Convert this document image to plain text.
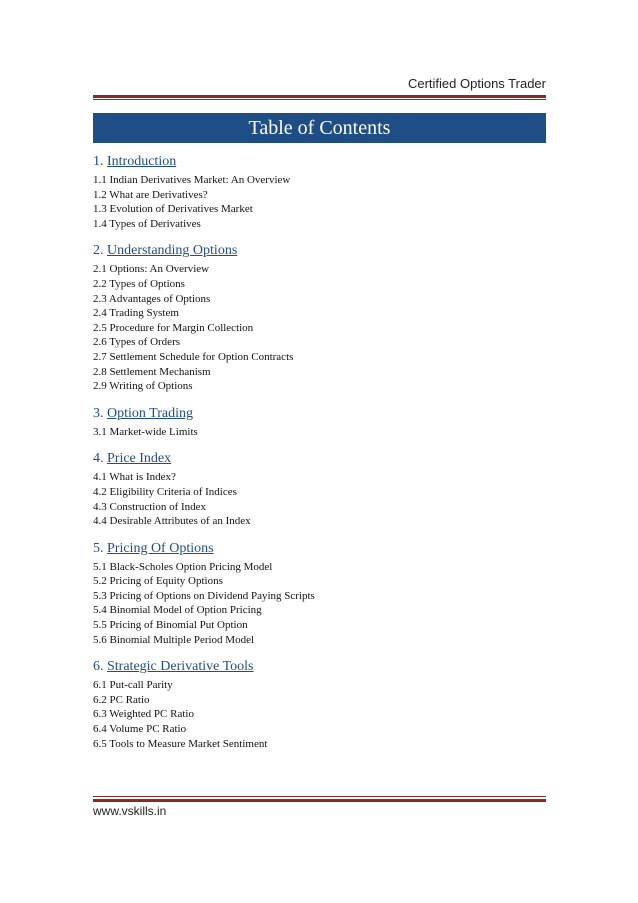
Certified Options Trader
Table of Contents
1. Introduction
1.1 Indian Derivatives Market: An Overview
1.2 What are Derivatives?
1.3 Evolution of Derivatives Market
1.4 Types of Derivatives
2. Understanding Options
2.1 Options: An Overview
2.2 Types of Options
2.3 Advantages of Options
2.4 Trading System
2.5 Procedure for Margin Collection
2.6 Types of Orders
2.7 Settlement Schedule for Option Contracts
2.8 Settlement Mechanism
2.9 Writing of Options
3. Option Trading
3.1 Market-wide Limits
4. Price Index
4.1 What is Index?
4.2 Eligibility Criteria of Indices
4.3 Construction of Index
4.4 Desirable Attributes of an Index
5. Pricing Of Options
5.1 Black-Scholes Option Pricing Model
5.2 Pricing of Equity Options
5.3 Pricing of Options on Dividend Paying Scripts
5.4 Binomial Model of Option Pricing
5.5 Pricing of Binomial Put Option
5.6 Binomial Multiple Period Model
6. Strategic Derivative Tools
6.1 Put-call Parity
6.2 PC Ratio
6.3 Weighted PC Ratio
6.4 Volume PC Ratio
6.5 Tools to Measure Market Sentiment
www.vskills.in
